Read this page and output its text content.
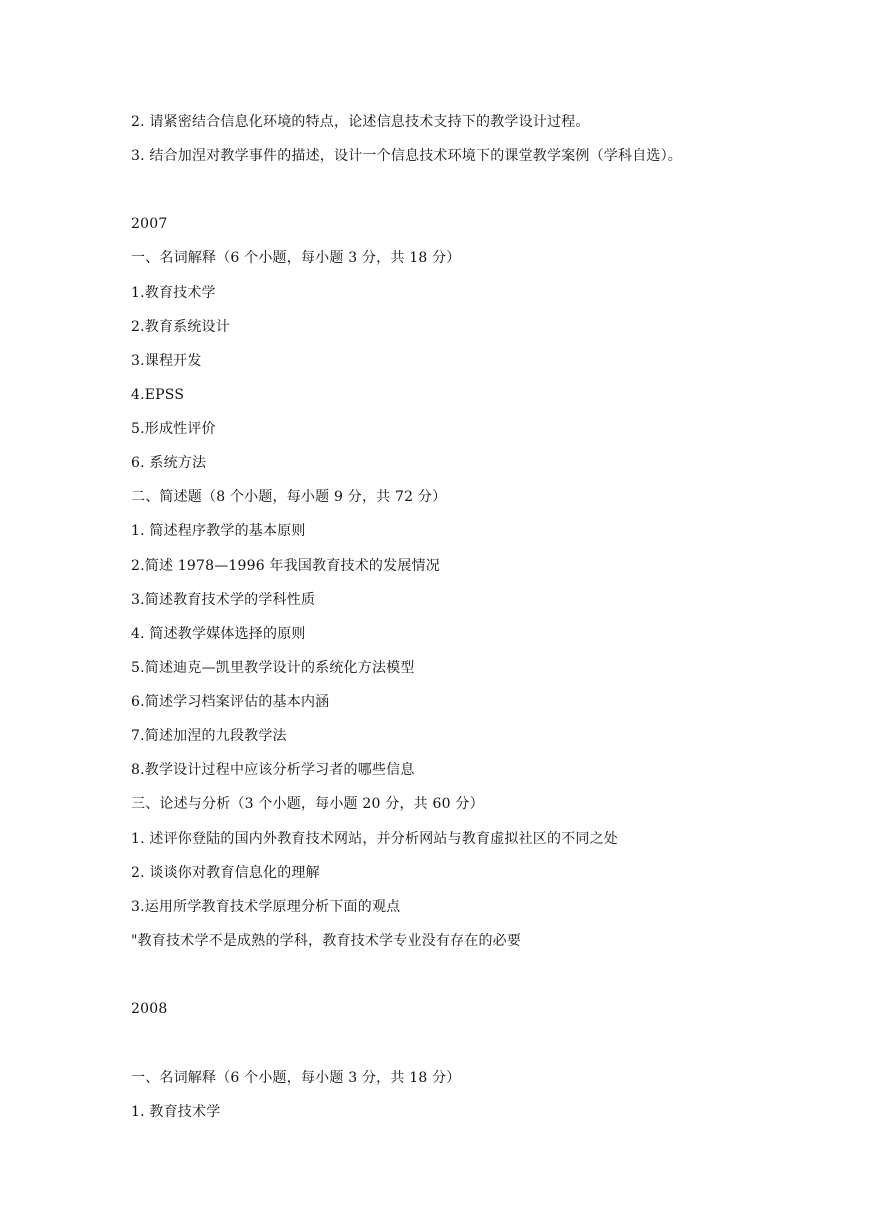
2. 请紧密结合信息化环境的特点，论述信息技术支持下的教学设计过程。
3. 结合加涅对教学事件的描述，设计一个信息技术环境下的课堂教学案例（学科自选）。
2007
一、名词解释（6 个小题，每小题 3 分，共 18 分）
1.教育技术学
2.教育系统设计
3.课程开发
4.EPSS
5.形成性评价
6. 系统方法
二、简述题（8 个小题，每小题 9 分，共 72 分）
1. 简述程序教学的基本原则
2.简述 1978—1996 年我国教育技术的发展情况
3.简述教育技术学的学科性质
4. 简述教学媒体选择的原则
5.简述迪克—凯里教学设计的系统化方法模型
6.简述学习档案评估的基本内涵
7.简述加涅的九段教学法
8.教学设计过程中应该分析学习者的哪些信息
三、论述与分析（3 个小题，每小题 20 分，共 60 分）
1. 述评你登陆的国内外教育技术网站，并分析网站与教育虚拟社区的不同之处
2. 谈谈你对教育信息化的理解
3.运用所学教育技术学原理分析下面的观点
"教育技术学不是成熟的学科，教育技术学专业没有存在的必要
2008
一、名词解释（6 个小题，每小题 3 分，共 18 分）
1. 教育技术学
